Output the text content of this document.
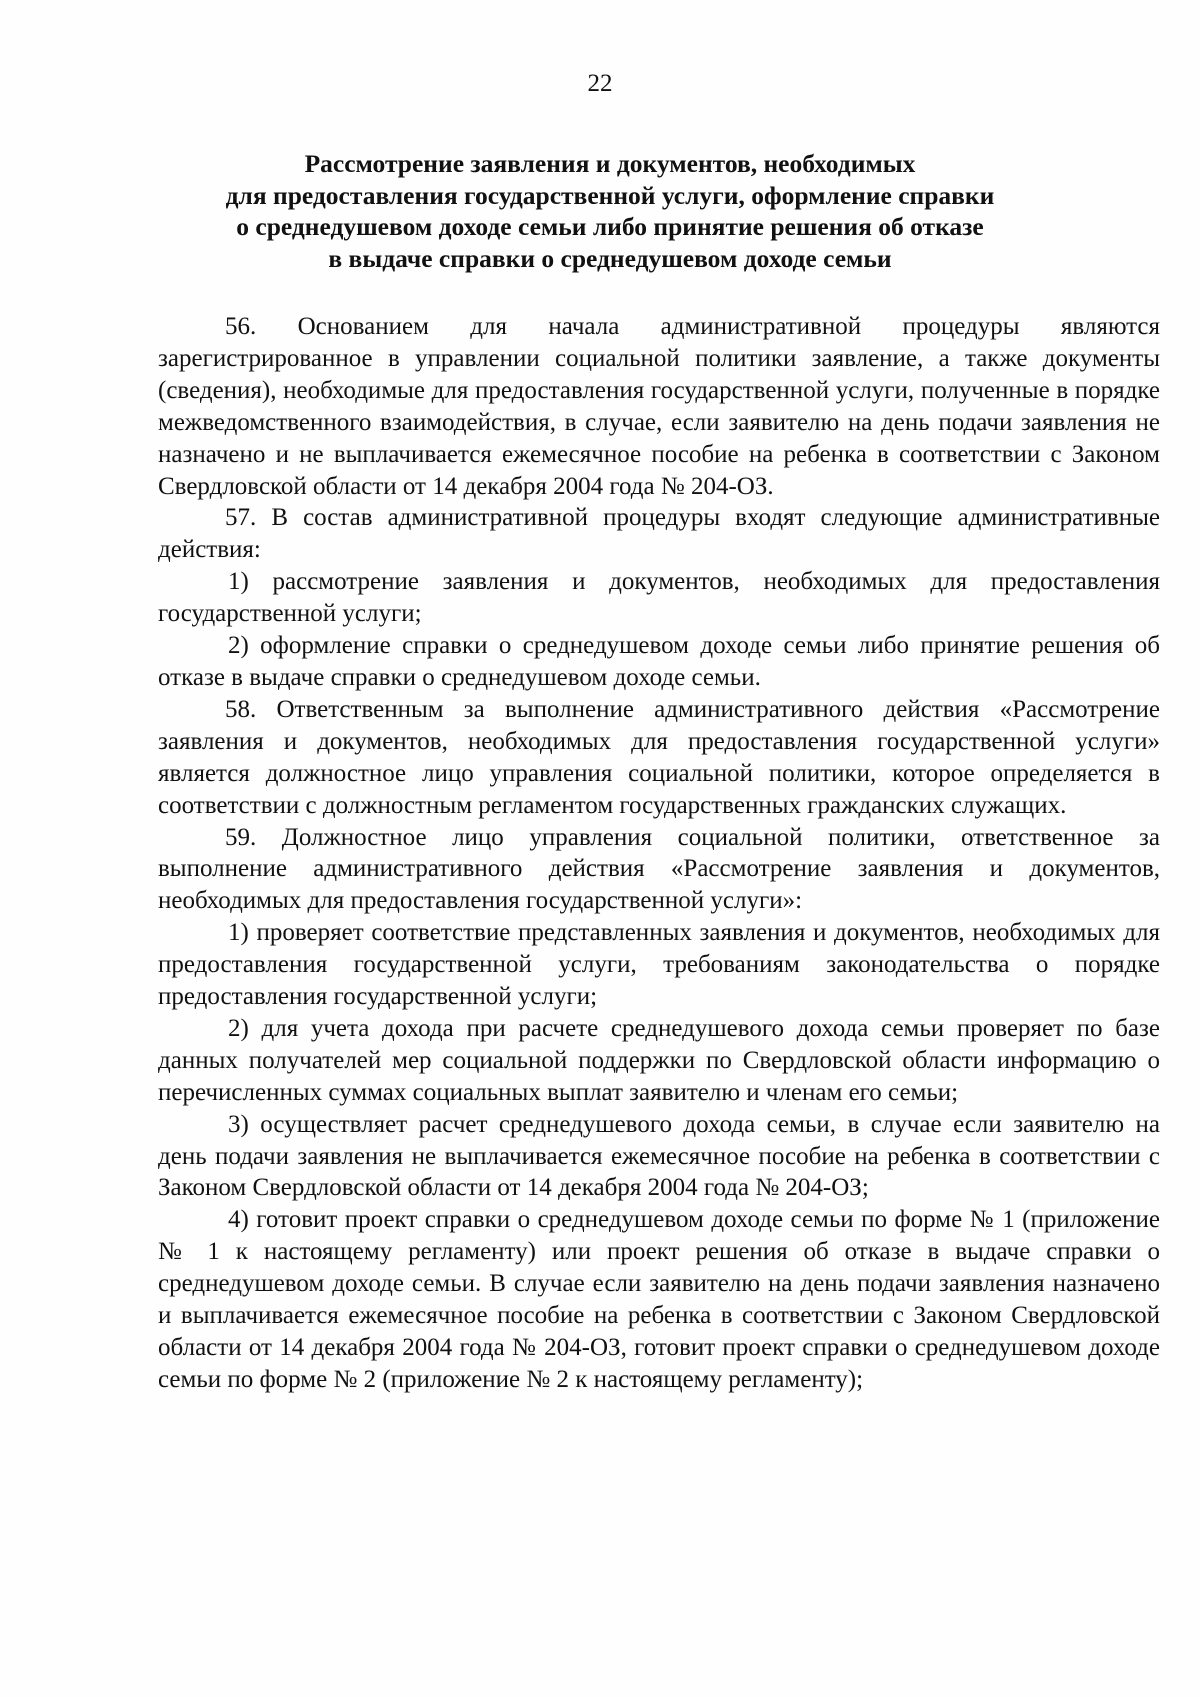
22
Рассмотрение заявления и документов, необходимых
для предоставления государственной услуги, оформление справки
о среднедушевом доходе семьи либо принятие решения об отказе
в выдаче справки о среднедушевом доходе семьи

56. Основанием для начала административной процедуры являются зарегистрированное в управлении социальной политики заявление, а также документы (сведения), необходимые для предоставления государственной услуги, полученные в порядке межведомственного взаимодействия, в случае, если заявителю на день подачи заявления не назначено и не выплачивается ежемесячное пособие на ребенка в соответствии с Законом Свердловской области от 14 декабря 2004 года № 204-ОЗ.

57. В состав административной процедуры входят следующие административные действия:

1) рассмотрение заявления и документов, необходимых для предоставления государственной услуги;

2) оформление справки о среднедушевом доходе семьи либо принятие решения об отказе в выдаче справки о среднедушевом доходе семьи.

58. Ответственным за выполнение административного действия «Рассмотрение заявления и документов, необходимых для предоставления государственной услуги» является должностное лицо управления социальной политики, которое определяется в соответствии с должностным регламентом государственных гражданских служащих.

59. Должностное лицо управления социальной политики, ответственное за выполнение административного действия «Рассмотрение заявления и документов, необходимых для предоставления государственной услуги»:

1) проверяет соответствие представленных заявления и документов, необходимых для предоставления государственной услуги, требованиям законодательства о порядке предоставления государственной услуги;

2) для учета дохода при расчете среднедушевого дохода семьи проверяет по базе данных получателей мер социальной поддержки по Свердловской области информацию о перечисленных суммах социальных выплат заявителю и членам его семьи;

3) осуществляет расчет среднедушевого дохода семьи, в случае если заявителю на день подачи заявления не выплачивается ежемесячное пособие на ребенка в соответствии с Законом Свердловской области от 14 декабря 2004 года № 204-ОЗ;

4) готовит проект справки о среднедушевом доходе семьи по форме № 1 (приложение № 1 к настоящему регламенту) или проект решения об отказе в выдаче справки о среднедушевом доходе семьи. В случае если заявителю на день подачи заявления назначено и выплачивается ежемесячное пособие на ребенка в соответствии с Законом Свердловской области от 14 декабря 2004 года № 204-ОЗ, готовит проект справки о среднедушевом доходе семьи по форме № 2 (приложение № 2 к настоящему регламенту);
